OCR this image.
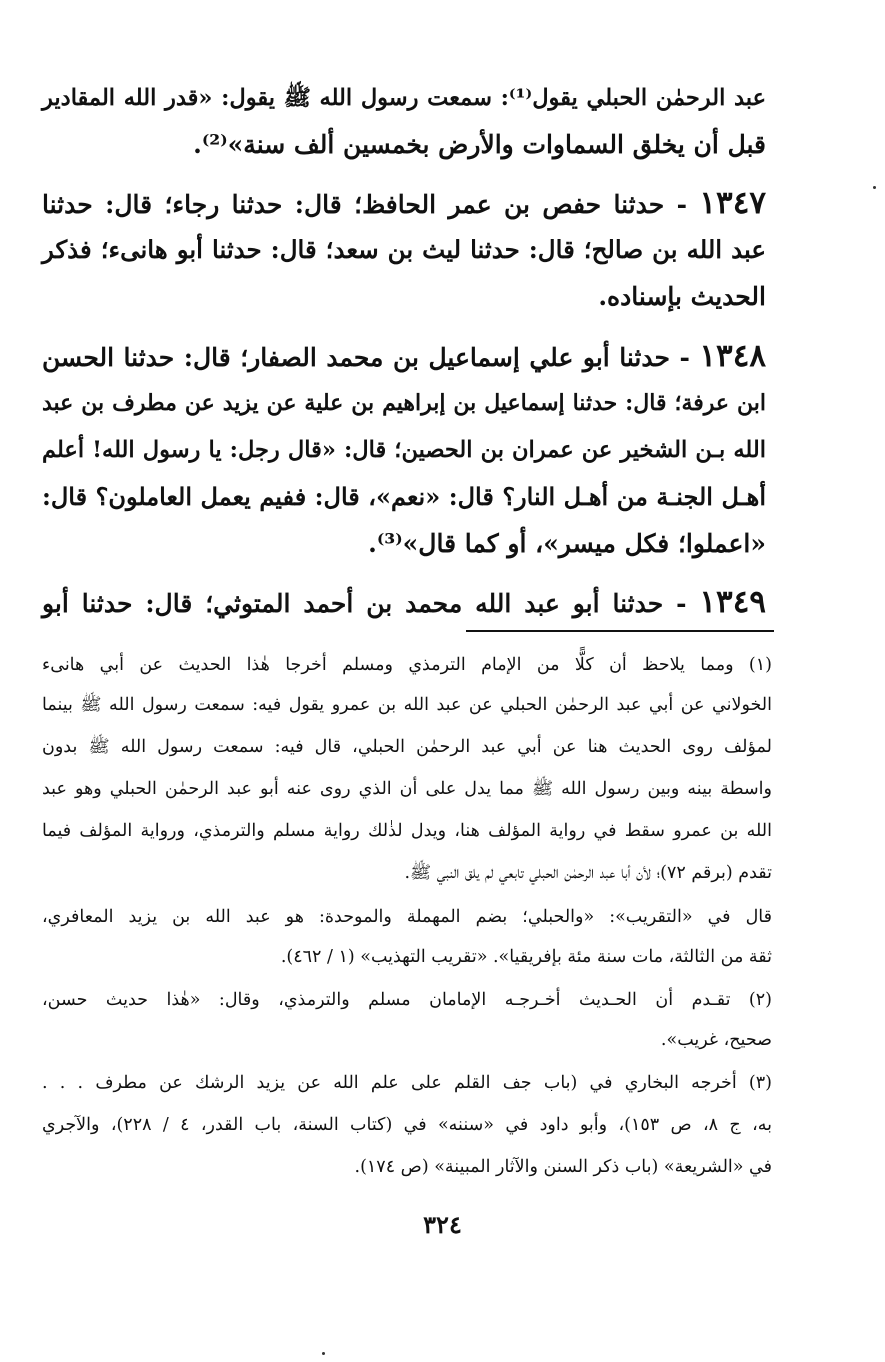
عبد الرحمٰن الحبلي يقول⁽¹⁾: سمعت رسول الله ﷺ يقول: «قدر الله المقادير
قبل أن يخلق السماوات والأرض بخمسين ألف سنة»⁽²⁾.
١٣٤٧ - حدثنا حفص بن عمر الحافظ؛ قال: حدثنا رجاء؛ قال: حدثنا
عبد الله بن صالح؛ قال: حدثنا ليث بن سعد؛ قال: حدثنا أبو هانىء؛ فذكر
الحديث بإسناده.
١٣٤٨ - حدثنا أبو علي إسماعيل بن محمد الصفار؛ قال: حدثنا الحسن
ابن عرفة؛ قال: حدثنا إسماعيل بن إبراهيم بن علية عن يزيد عن مطرف بن عبد
الله بـن الشخير عن عمران بن الحصين؛ قال: «قال رجل: يا رسول الله! أعلم
أهـل الجنـة من أهـل النار؟ قال: «نعم»، قال: ففيم يعمل العاملون؟ قال:
«اعملوا؛ فكل ميسر»، أو كما قال»⁽³⁾.
١٣٤٩ - حدثنا أبو عبد الله محمد بن أحمد المتوثي؛ قال: حدثنا أبو
(١) ومما يلاحظ أن كلًّا من الإمام الترمذي ومسلم أخرجا هٰذا الحديث عن أبي هانىء
الخولاني عن أبي عبد الرحمٰن الحبلي عن عبد الله بن عمرو يقول فيه: سمعت رسول الله ﷺ بينما
لمؤلف روى الحديث هنا عن أبي عبد الرحمٰن الحبلي، قال فيه: سمعت رسول الله ﷺ بدون
واسطة بينه وبين رسول الله ﷺ مما يدل على أن الذي روى عنه أبو عبد الرحمٰن الحبلي وهو عبد
الله بن عمرو سقط في رواية المؤلف هنا، ويدل لذٰلك رواية مسلم والترمذي، ورواية المؤلف فيما
تقدم (برقم ٧٢)؛ لأن أبا عبد الرحمٰن الحبلي تابعي لم يلق النبي ﷺ.
قال في «التقريب»: «والحبلي؛ بضم المهملة والموحدة: هو عبد الله بن يزيد المعافري،
ثقة من الثالثة، مات سنة مئة بإفريقيا». «تقريب التهذيب» (١ / ٤٦٢).
(٢) تقـدم أن الحـديث أخـرجـه الإمامان مسلم والترمذي، وقال: «هٰذا حديث حسن،
صحيح، غريب».
(٣) أخرجه البخاري في (باب جف القلم على علم الله عن يزيد الرشك عن مطرف . . .
به، ج ٨، ص ١٥٣)، وأبو داود في «سننه» في (كتاب السنة، باب القدر، ٤ / ٢٢٨)، والآجري
في «الشريعة» (باب ذكر السنن والآثار المبينة» (ص ١٧٤).
٣٢٤
